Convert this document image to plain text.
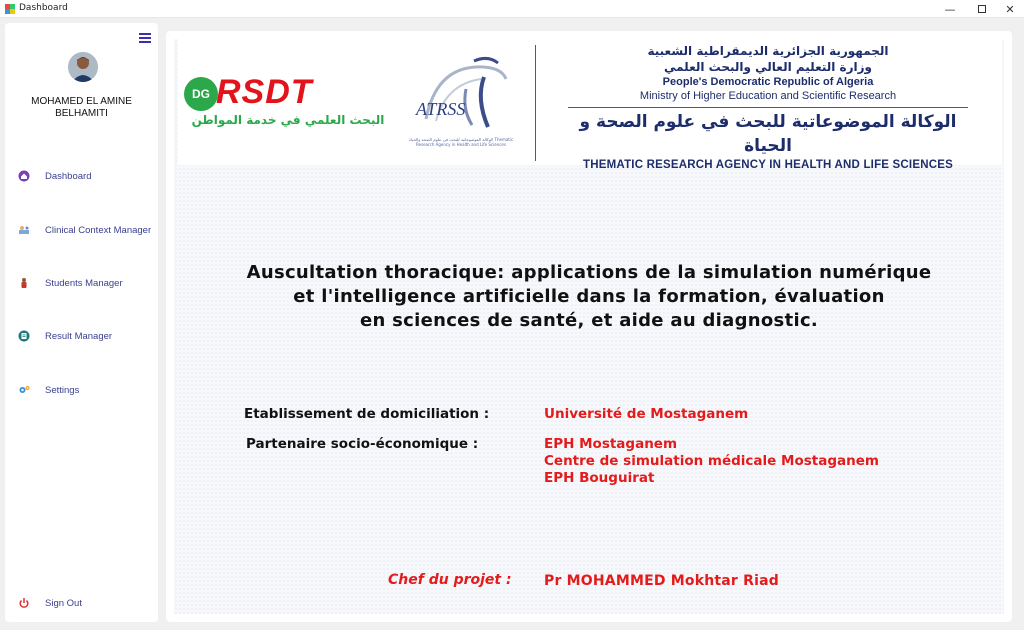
Dashboard	—	✕
MOHAMED EL AMINE BELHAMITI
Dashboard
Clinical Context Manager
Students Manager
Result Manager
Settings
Sign Out
DG RSDT
البحث العلمي في خدمة المواطن
ATRSS
الوكالة الموضوعاتية للبحث في علوم الصحة والحياة Thematic Research Agency in Health and Life Sciences
الجمهورية الجزائرية الديمقراطية الشعبية
وزارة التعليم العالي والبحث العلمي
People's Democratic Republic of Algeria
Ministry of Higher Education and Scientific Research
الوكالة الموضوعاتية للبحث في علوم الصحة و الحياة
THEMATIC RESEARCH AGENCY IN HEALTH AND LIFE SCIENCES
Auscultation thoracique: applications de la simulation numérique
et l'intelligence artificielle dans la formation, évaluation
en sciences de santé, et aide au diagnostic.
Etablissement de domiciliation :	Université de Mostaganem
Partenaire socio-économique :	EPH Mostaganem
Centre de simulation médicale Mostaganem
EPH Bouguirat
Chef du projet : Pr MOHAMMED Mokhtar Riad
